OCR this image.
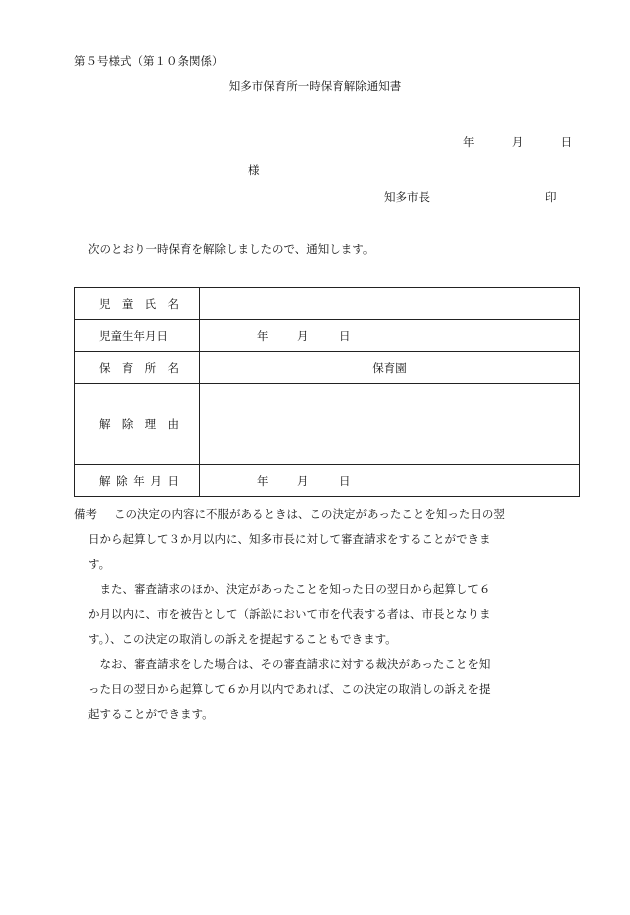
第５号様式（第１０条関係）
知多市保育所一時保育解除通知書
年	月	日
様
知多市長	印
次のとおり一時保育を解除しましたので、通知します。
児 童 氏 名	

児童生年月日	年 月 日

保 育 所 名	保育園

解 除 理 由	

解 除 年 月 日	年 月 日
備考	この決定の内容に不服があるときは、この決定があったことを知った日の翌

日から起算して３か月以内に、知多市長に対して審査請求をすることができま

す。

また、審査請求のほか、決定があったことを知った日の翌日から起算して６

か月以内に、市を被告として（訴訟において市を代表する者は、市長となりま

す。）、この決定の取消しの訴えを提起することもできます。

なお、審査請求をした場合は、その審査請求に対する裁決があったことを知

った日の翌日から起算して６か月以内であれば、この決定の取消しの訴えを提

起することができます。
